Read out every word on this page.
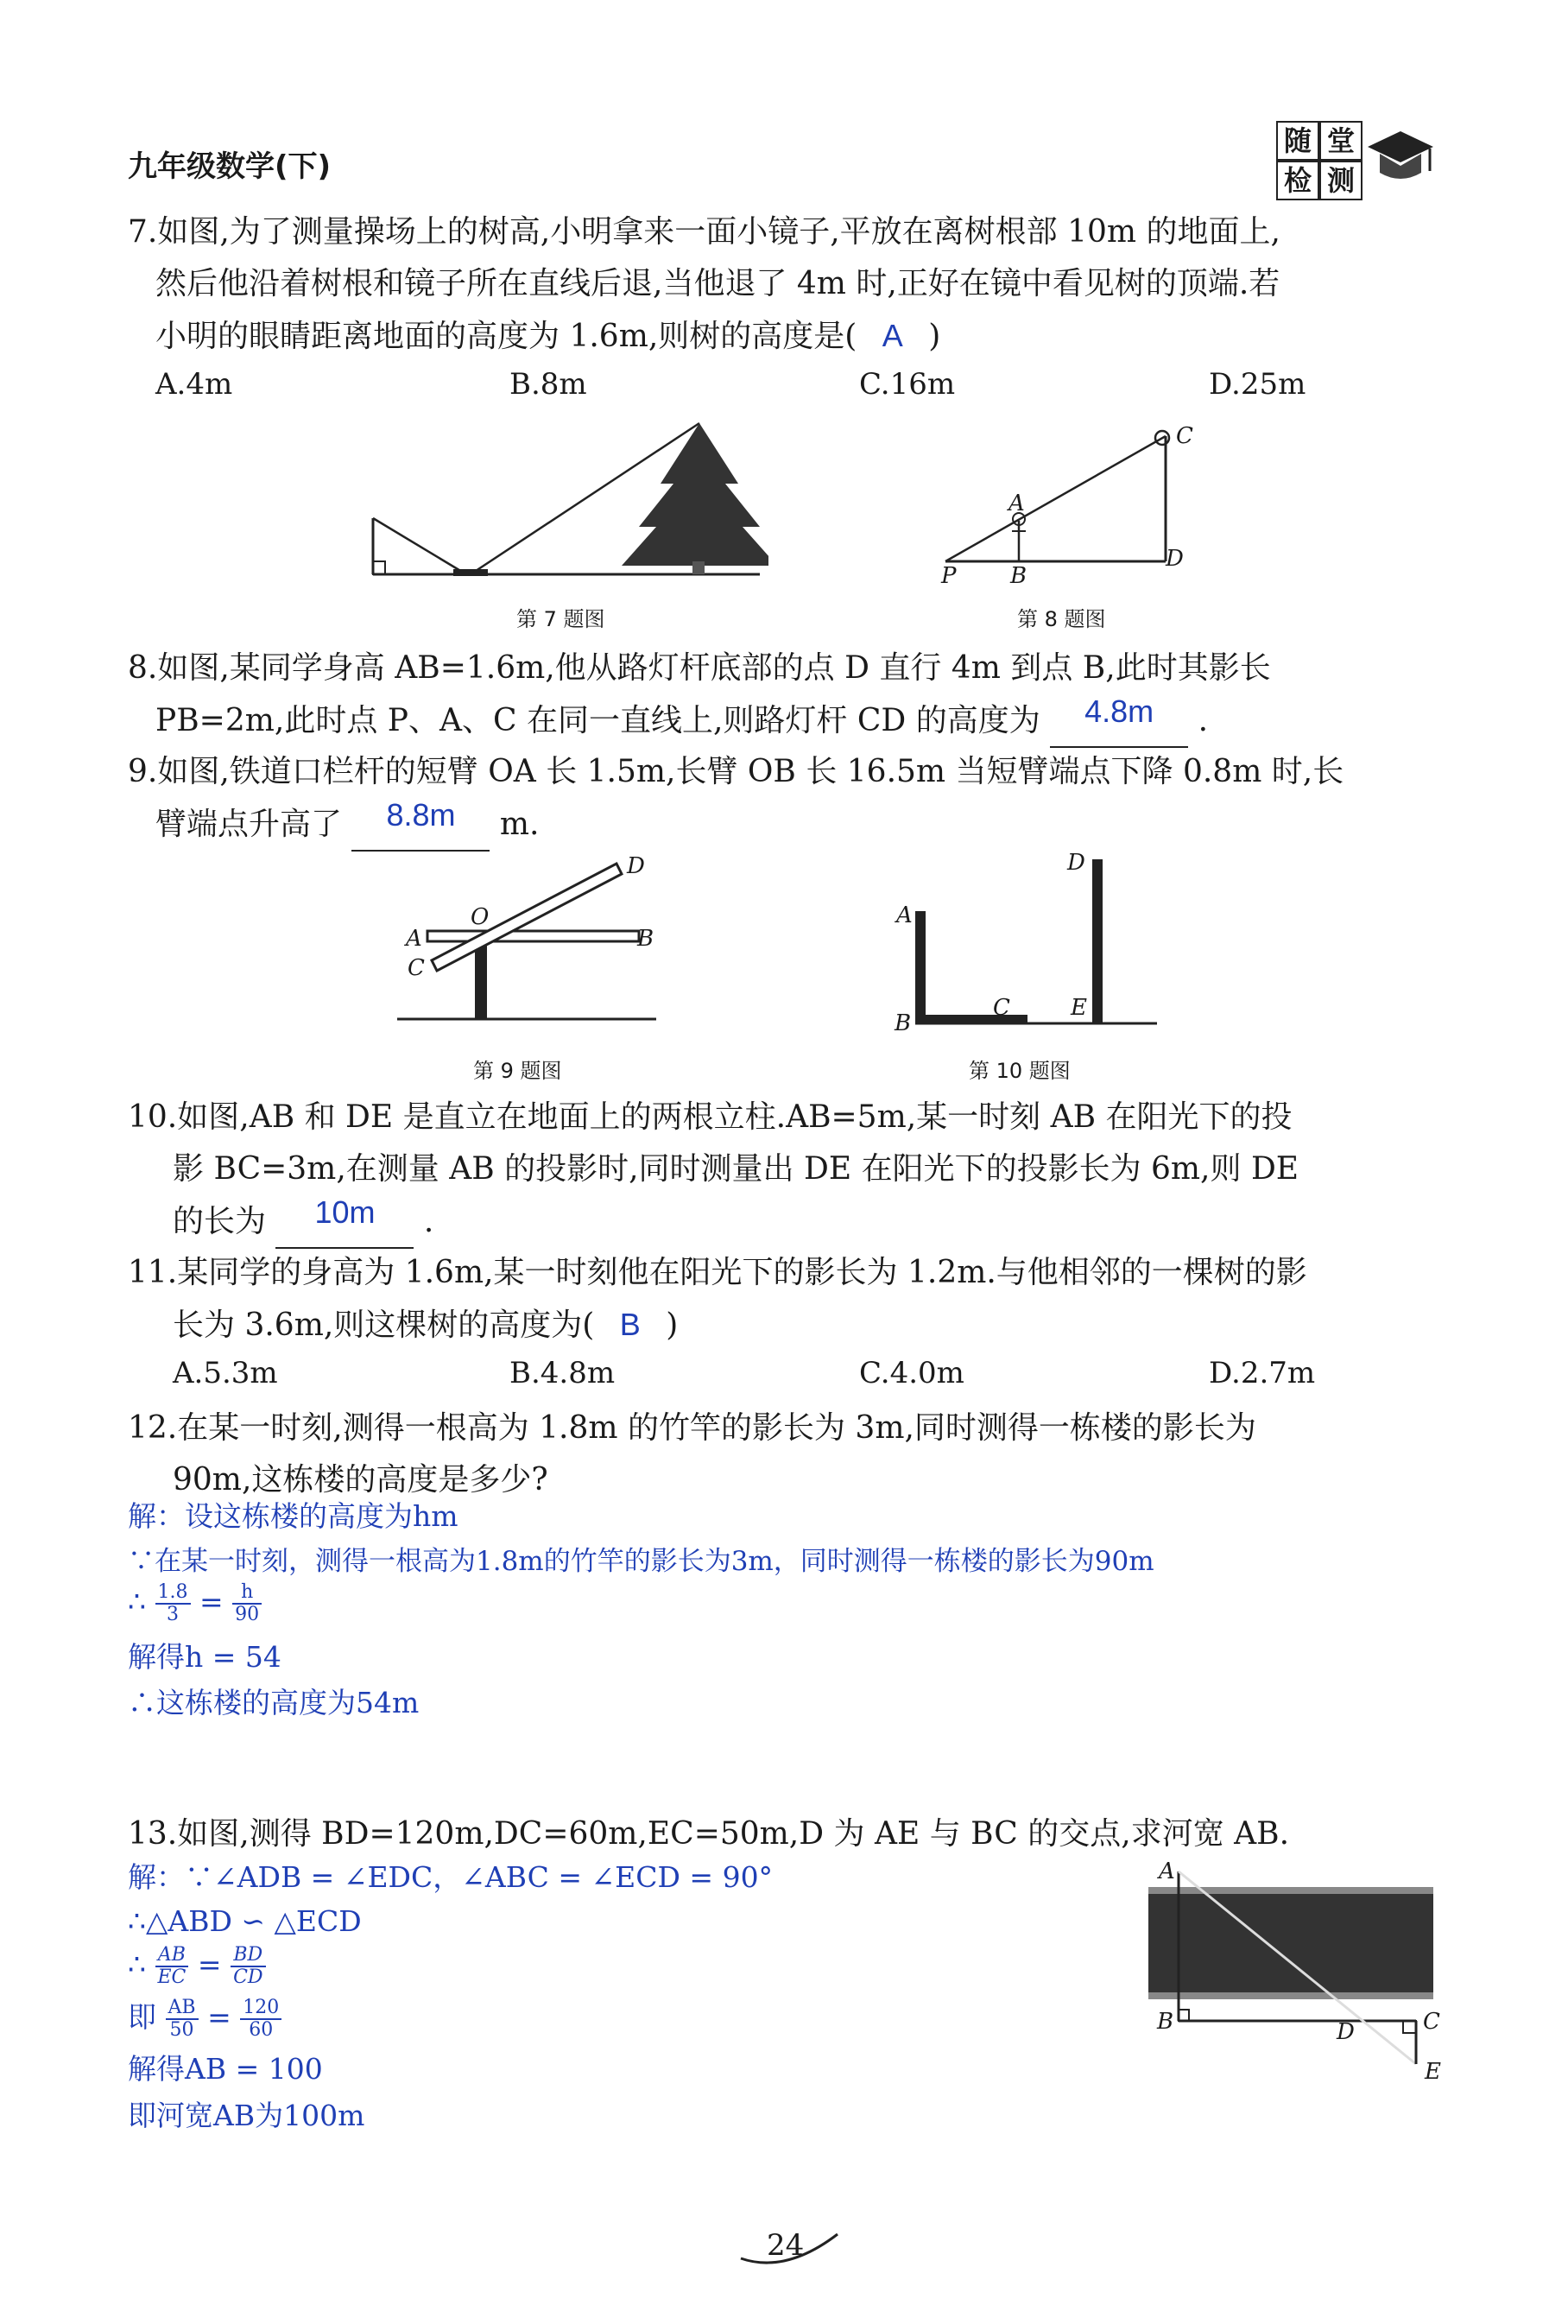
九年级数学(下)
随 堂
检 测
7.如图,为了测量操场上的树高,小明拿来一面小镜子,平放在离树根部 10m 的地面上,
然后他沿着树根和镜子所在直线后退,当他退了 4m 时,正好在镜中看见树的顶端.若
小明的眼睛距离地面的高度为 1.6m,则树的高度是( A )
A.4m	B.8m	C.16m	D.25m
第 7 题图
C
D
A
B
P
第 8 题图
8.如图,某同学身高 AB=1.6m,他从路灯杆底部的点 D 直行 4m 到点 B,此时其影长
PB=2m,此时点 P、A、C 在同一直线上,则路灯杆 CD 的高度为 4.8m .
9.如图,铁道口栏杆的短臂 OA 长 1.5m,长臂 OB 长 16.5m 当短臂端点下降 0.8m 时,长
臂端点升高了 8.8m m.
A	B
C
D
O
第 9 题图
A
B
C
D
E
第 10 题图
10.如图,AB 和 DE 是直立在地面上的两根立柱.AB=5m,某一时刻 AB 在阳光下的投
影 BC=3m,在测量 AB 的投影时,同时测量出 DE 在阳光下的投影长为 6m,则 DE
的长为 10m .
11.某同学的身高为 1.6m,某一时刻他在阳光下的影长为 1.2m.与他相邻的一棵树的影
长为 3.6m,则这棵树的高度为( B )
A.5.3m	B.4.8m	C.4.0m	D.2.7m
12.在某一时刻,测得一根高为 1.8m 的竹竿的影长为 3m,同时测得一栋楼的影长为
90m,这栋楼的高度是多少?
解：设这栋楼的高度为hm
∵在某一时刻，测得一根高为1.8m的竹竿的影长为3m，同时测得一栋楼的影长为90m
∴ $\frac{1.8}{3} = \frac{h}{90}$
解得h = 54
∴这栋楼的高度为54m
13.如图,测得 BD=120m,DC=60m,EC=50m,D 为 AE 与 BC 的交点,求河宽 AB.
解：∵∠ADB = ∠EDC，∠ABC = ∠ECD = 90°
∴△ABD ∽ △ECD
∴ $\frac{AB}{EC} = \frac{BD}{CD}$
即 $\frac{AB}{50} = \frac{120}{60}$
解得AB = 100
即河宽AB为100m
A
B	C
D
E
24
